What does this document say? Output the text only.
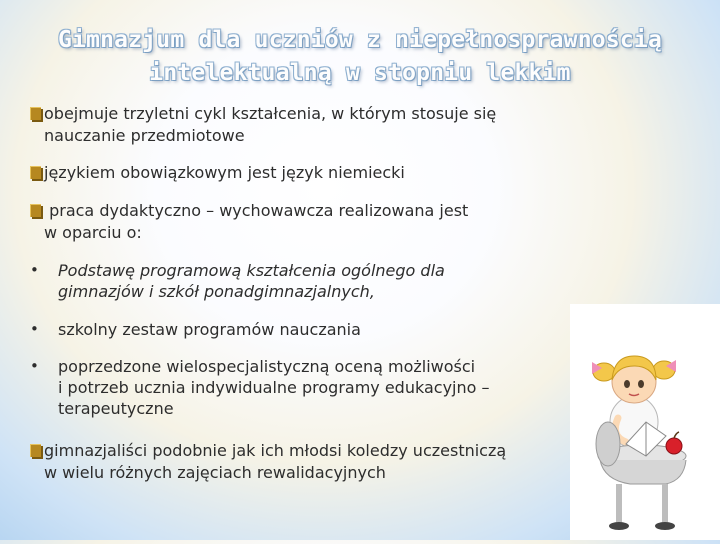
Gimnazjum dla uczniów z niepełnosprawnością
intelektualną w stopniu lekkim
obejmuje trzyletni cykl kształcenia, w którym stosuje się
nauczanie przedmiotowe
językiem obowiązkowym jest język niemiecki
praca dydaktyczno – wychowawcza realizowana jest
w oparciu o:
•	Podstawę programową kształcenia ogólnego dla
gimnazjów i szkół ponadgimnazjalnych,
•	szkolny zestaw programów nauczania
•	poprzedzone wielospecjalistyczną oceną możliwości
i potrzeb ucznia indywidualne programy edukacyjno –
terapeutyczne
gimnazjaliści podobnie jak ich młodsi koledzy uczestniczą
w wielu różnych zajęciach rewalidacyjnych
